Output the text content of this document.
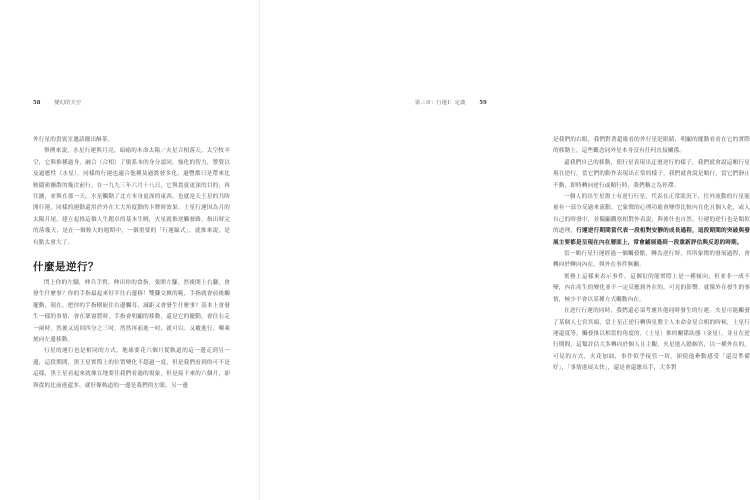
58	變幻的天空

外行星的貴賓室邀請擺出酥茶。

舉例來說，水星行運與月亮，暗喻的本命太陽／火星合相落天，太空牧羊空，它與推種過身，融合（合相）了敏系本的身分認同，強化的智力，警覺以及過應性（水星）。同樣的行運也適合他種及過渡發多化，過豐都只是帶來比較隱密擴散的幾次前行，在一九九三年六月十八日，它與貴賓更深的目的，再往擴，並與在那一天，水星觸動了北方本身更深的東西。也就是天王星的共時開行運，同樣的運動還用於外在大大角度動的卡牌時效果。土星行運因為月的太陽月尾，建立起推這個人生題卓的基本生曉，火星就推逆觸發路，指出時完的落幾天，是在一個較大的週期中，一個重要的「行運線式」，就推來說，是有點太重大了。

什麼是逆行？

閃上你的左腳，伸兵手臂，伸出你的食指。張開左腳，然後開上右腳，會發生什麼事？你的手指最起來好半往右邊移！雙腳交換的範，手指就會前後觸擺動，現在，把你的手指樹嵌住右邊觸耳，減距又會發生什麼事？基本上會發生一樣的事情，會在眾窗將時，手指會明顯的移動，還是它的擺動，會往右走一兩時，然後又返回四分之三吋，然然再前進一吋，就可以。又覆進行，藥乘刻向左邊移動。

行星的運行也是相同的方式。地球要花六個月從軌道的這一邊走到另一邊，這段期間，黑王星實際上的位置變化不超過一度，但是我們看到的可不是這樣，黑王星看起來就像在地要往我們看過的現象，但是接下來的六個月，卻與從的比前進還多。就好像軌道的一邊是我們的左眼，另一邊

第三章：行運Ⅰ：定義	59

是我們的右眼，我們對著超幾看的外行星眨眼睛，明顯的擺動看看在它的實際的移動上，這些觀念同外星本身沒有任何直接關係。

還我們自己的移動，使行星表現出迂迴逆行的樣子，我們就會說這顆行星現在逆行，當它們的動作表現出正常的樣子，我們就會說是順行，當它們靜止不動，即時轉向逆行或順行時，我們稱之為停滯。

一個人的出生星盤上有逆行行星，代表在正常狀況下，往外流動的行星能量有一部分反過來流動，它象徵的心理功能會變得比較內在化且個人化，或人自己的時發中，並獨顯觀察相對外表說，與後什也自然。行運的逆行也是類似的道理，行運逆行期間當代表一段相對安靜的成長過程，這段期間的突破與發展主要都是呈現在內在層面上，常會鋪展過到一段重新評估與反思的時期。

當一顆行星行運經過一個觸發點，轉為逆行時，其所象徵的發展過程，會轉向於轉向內在，與外在事件無關。

實務上這樣來表示事件，這個衍的能實際上是一種傾向，但並非一成不變，內在產生的變化並不一定反應到外在的，可見的影響。就像外在發生的事情，極少不會以某種方式觸動內在。

在逆行行運的同時，我們還必須考慮其他同時發生的行運。火星可能觸發了某個人七宮宮頭，當土星正逆行轉與星盤主人本命金星合相的時候，土星行運還度等，觸發推以相當的角度的，（土星）推的關係狀態（金星），並且在逆行期間，這類評估大多轉向於個人且主觀，火星進入婚姻宮，以一種外在的，可見的方式，火花加油，事件似乎接管一切，卻使他牽動感受「還沒準備好」，「事情進展太快」，還是會還應出手，大多對
